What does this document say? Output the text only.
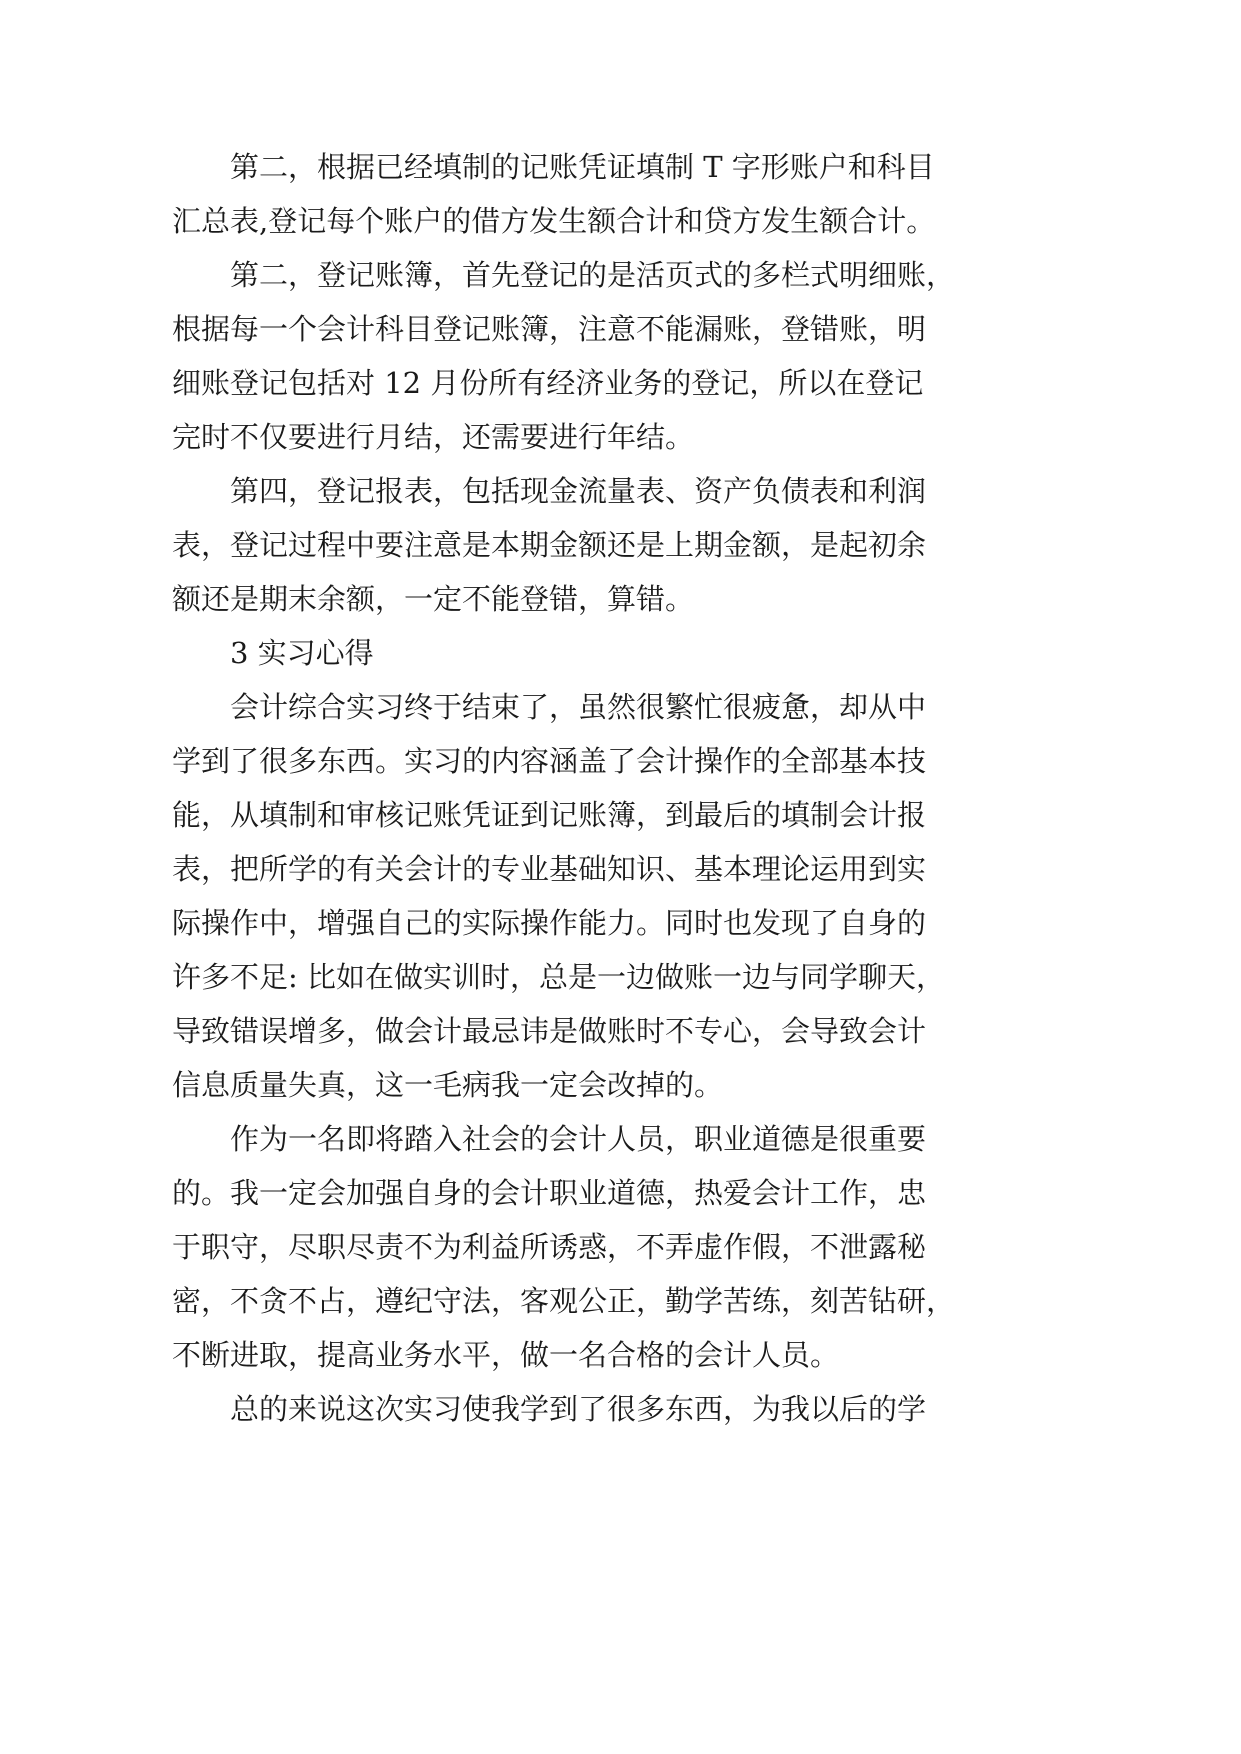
第二，根据已经填制的记账凭证填制 T 字形账户和科目
汇总表,登记每个账户的借方发生额合计和贷方发生额合计。
第二，登记账簿，首先登记的是活页式的多栏式明细账，
根据每一个会计科目登记账簿，注意不能漏账，登错账，明
细账登记包括对 12 月份所有经济业务的登记，所以在登记
完时不仅要进行月结，还需要进行年结。
第四，登记报表，包括现金流量表、资产负债表和利润
表，登记过程中要注意是本期金额还是上期金额，是起初余
额还是期末余额，一定不能登错，算错。
3 实习心得
会计综合实习终于结束了，虽然很繁忙很疲惫，却从中
学到了很多东西。实习的内容涵盖了会计操作的全部基本技
能，从填制和审核记账凭证到记账簿，到最后的填制会计报
表，把所学的有关会计的专业基础知识、基本理论运用到实
际操作中，增强自己的实际操作能力。同时也发现了自身的
许多不足: 比如在做实训时，总是一边做账一边与同学聊天，
导致错误增多，做会计最忌讳是做账时不专心，会导致会计
信息质量失真，这一毛病我一定会改掉的。
作为一名即将踏入社会的会计人员，职业道德是很重要
的。我一定会加强自身的会计职业道德，热爱会计工作，忠
于职守，尽职尽责不为利益所诱惑，不弄虚作假，不泄露秘
密，不贪不占，遵纪守法，客观公正，勤学苦练，刻苦钻研，
不断进取，提高业务水平，做一名合格的会计人员。
总的来说这次实习使我学到了很多东西，为我以后的学
